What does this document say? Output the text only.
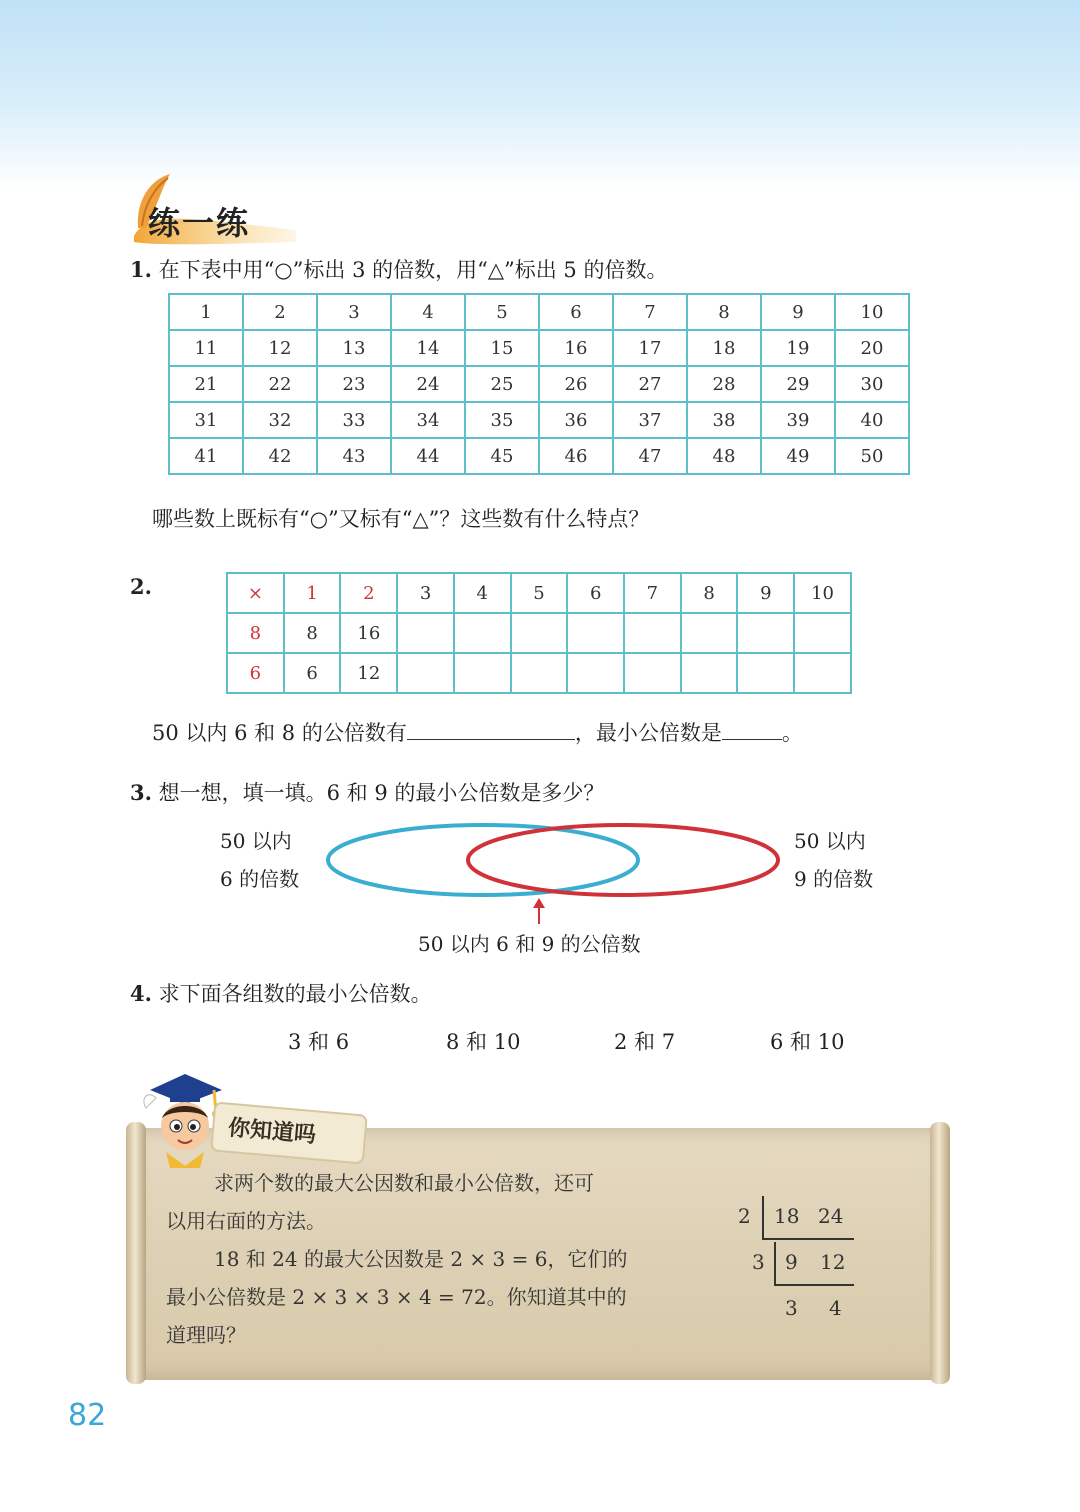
练一练
1. 在下表中用“○”标出 3 的倍数，用“△”标出 5 的倍数。
1	2	3	4	5	6	7	8	9	10
11	12	13	14	15	16	17	18	19	20
21	22	23	24	25	26	27	28	29	30
31	32	33	34	35	36	37	38	39	40
41	42	43	44	45	46	47	48	49	50
哪些数上既标有“○”又标有“△”？这些数有什么特点？
2.	×	1	2	3	4	5	6	7	8	9	10
8	8	16								
6	6	12								
50 以内 6 和 8 的公倍数有	，最小公倍数是	。
3. 想一想，填一填。6 和 9 的最小公倍数是多少？
50 以内
6 的倍数
50 以内
9 的倍数
50 以内 6 和 9 的公倍数
4. 求下面各组数的最小公倍数。
3 和 6	8 和 10	2 和 7	6 和 10
你知道吗
求两个数的最大公因数和最小公倍数，还可
以用右面的方法。
18 和 24 的最大公因数是 2 × 3 = 6，它们的
最小公倍数是 2 × 3 × 3 × 4 = 72。你知道其中的
道理吗？
2 18 24
3 9 12
3 4
82
